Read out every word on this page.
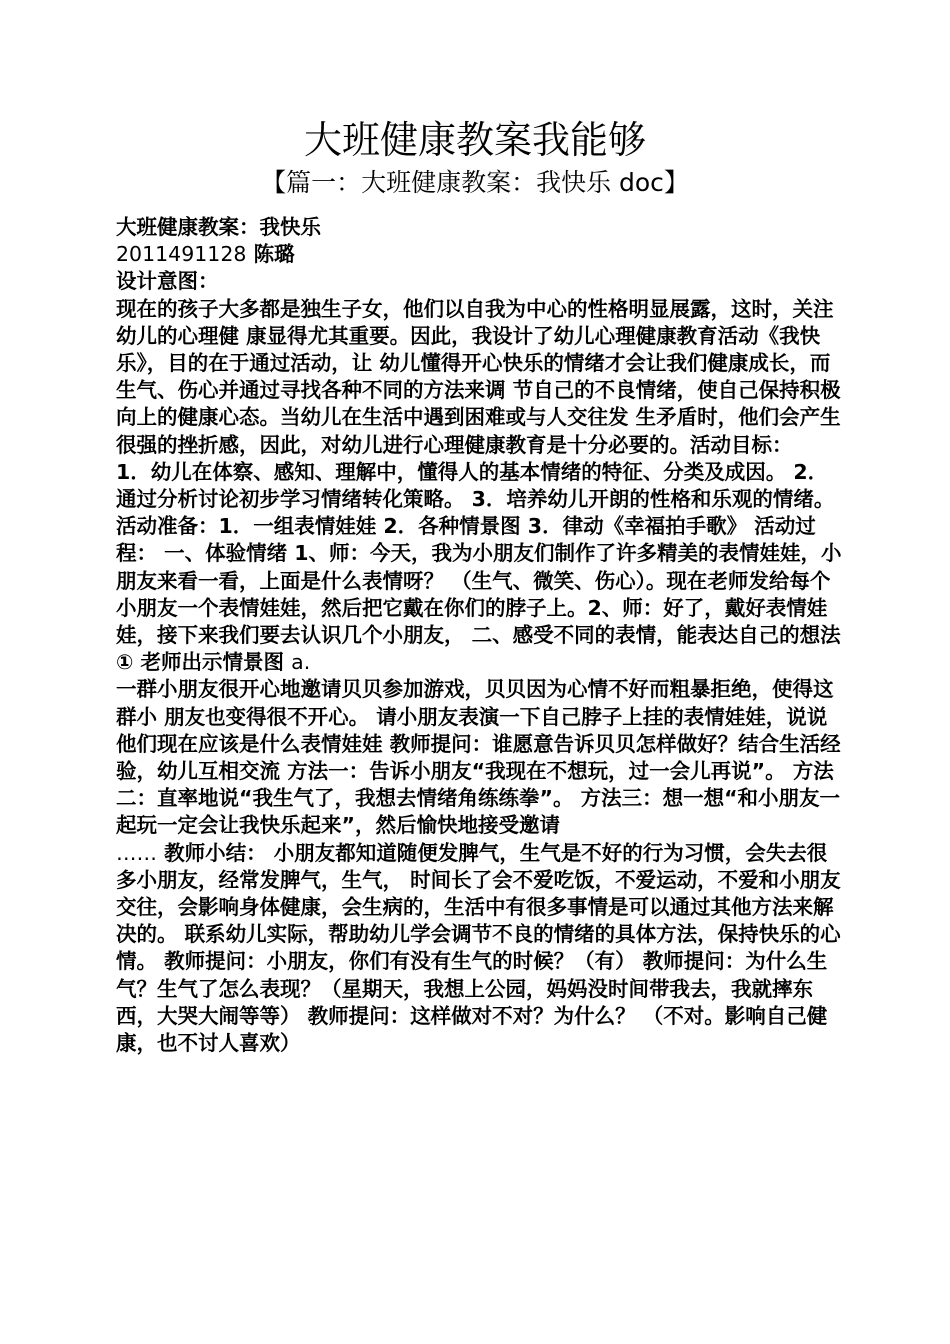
大班健康教案我能够
【篇一：大班健康教案：我快乐 doc】

大班健康教案：我快乐

2011491128 陈璐

设计意图：

现在的孩子大多都是独生子女，他们以自我为中心的性格明显展露，这时，关注幼儿的心理健 康显得尤其重要。因此，我设计了幼儿心理健康教育活动《我快乐》，目的在于通过活动，让 幼儿懂得开心快乐的情绪才会让我们健康成长，而生气、伤心并通过寻找各种不同的方法来调 节自己的不良情绪，使自己保持积极向上的健康心态。当幼儿在生活中遇到困难或与人交往发 生矛盾时，他们会产生很强的挫折感，因此，对幼儿进行心理健康教育是十分必要的。活动目标：

1．幼儿在体察、感知、理解中，懂得人的基本情绪的特征、分类及成因。 2．通过分析讨论初步学习情绪转化策略。 3．培养幼儿开朗的性格和乐观的情绪。活动准备：1．一组表情娃娃 2．各种情景图 3．律动《幸福拍手歌》 活动过程： 一、体验情绪 1、师：今天，我为小朋友们制作了许多精美的表情娃娃，小朋友来看一看，上面是什么表情呀？ （生气、微笑、伤心）。现在老师发给每个小朋友一个表情娃娃，然后把它戴在你们的脖子上。2、师：好了，戴好表情娃娃，接下来我们要去认识几个小朋友， 二、感受不同的表情，能表达自己的想法

① 老师出示情景图 a.

一群小朋友很开心地邀请贝贝参加游戏，贝贝因为心情不好而粗暴拒绝，使得这群小 朋友也变得很不开心。 请小朋友表演一下自己脖子上挂的表情娃娃，说说他们现在应该是什么表情娃娃 教师提问：谁愿意告诉贝贝怎样做好？结合生活经验，幼儿互相交流 方法一：告诉小朋友“我现在不想玩，过一会儿再说”。 方法二：直率地说“我生气了，我想去情绪角练练拳”。 方法三：想一想“和小朋友一起玩一定会让我快乐起来”，然后愉快地接受邀请

…… 教师小结： 小朋友都知道随便发脾气，生气是不好的行为习惯，会失去很多小朋友，经常发脾气，生气， 时间长了会不爱吃饭，不爱运动，不爱和小朋友交往，会影响身体健康，会生病的，生活中有很多事情是可以通过其他方法来解决的。 联系幼儿实际，帮助幼儿学会调节不良的情绪的具体方法，保持快乐的心情。 教师提问：小朋友，你们有没有生气的时候？（有） 教师提问：为什么生气？生气了怎么表现？（星期天，我想上公园，妈妈没时间带我去，我就摔东西，大哭大闹等等） 教师提问：这样做对不对？为什么？ （不对。影响自己健康，也不讨人喜欢）
